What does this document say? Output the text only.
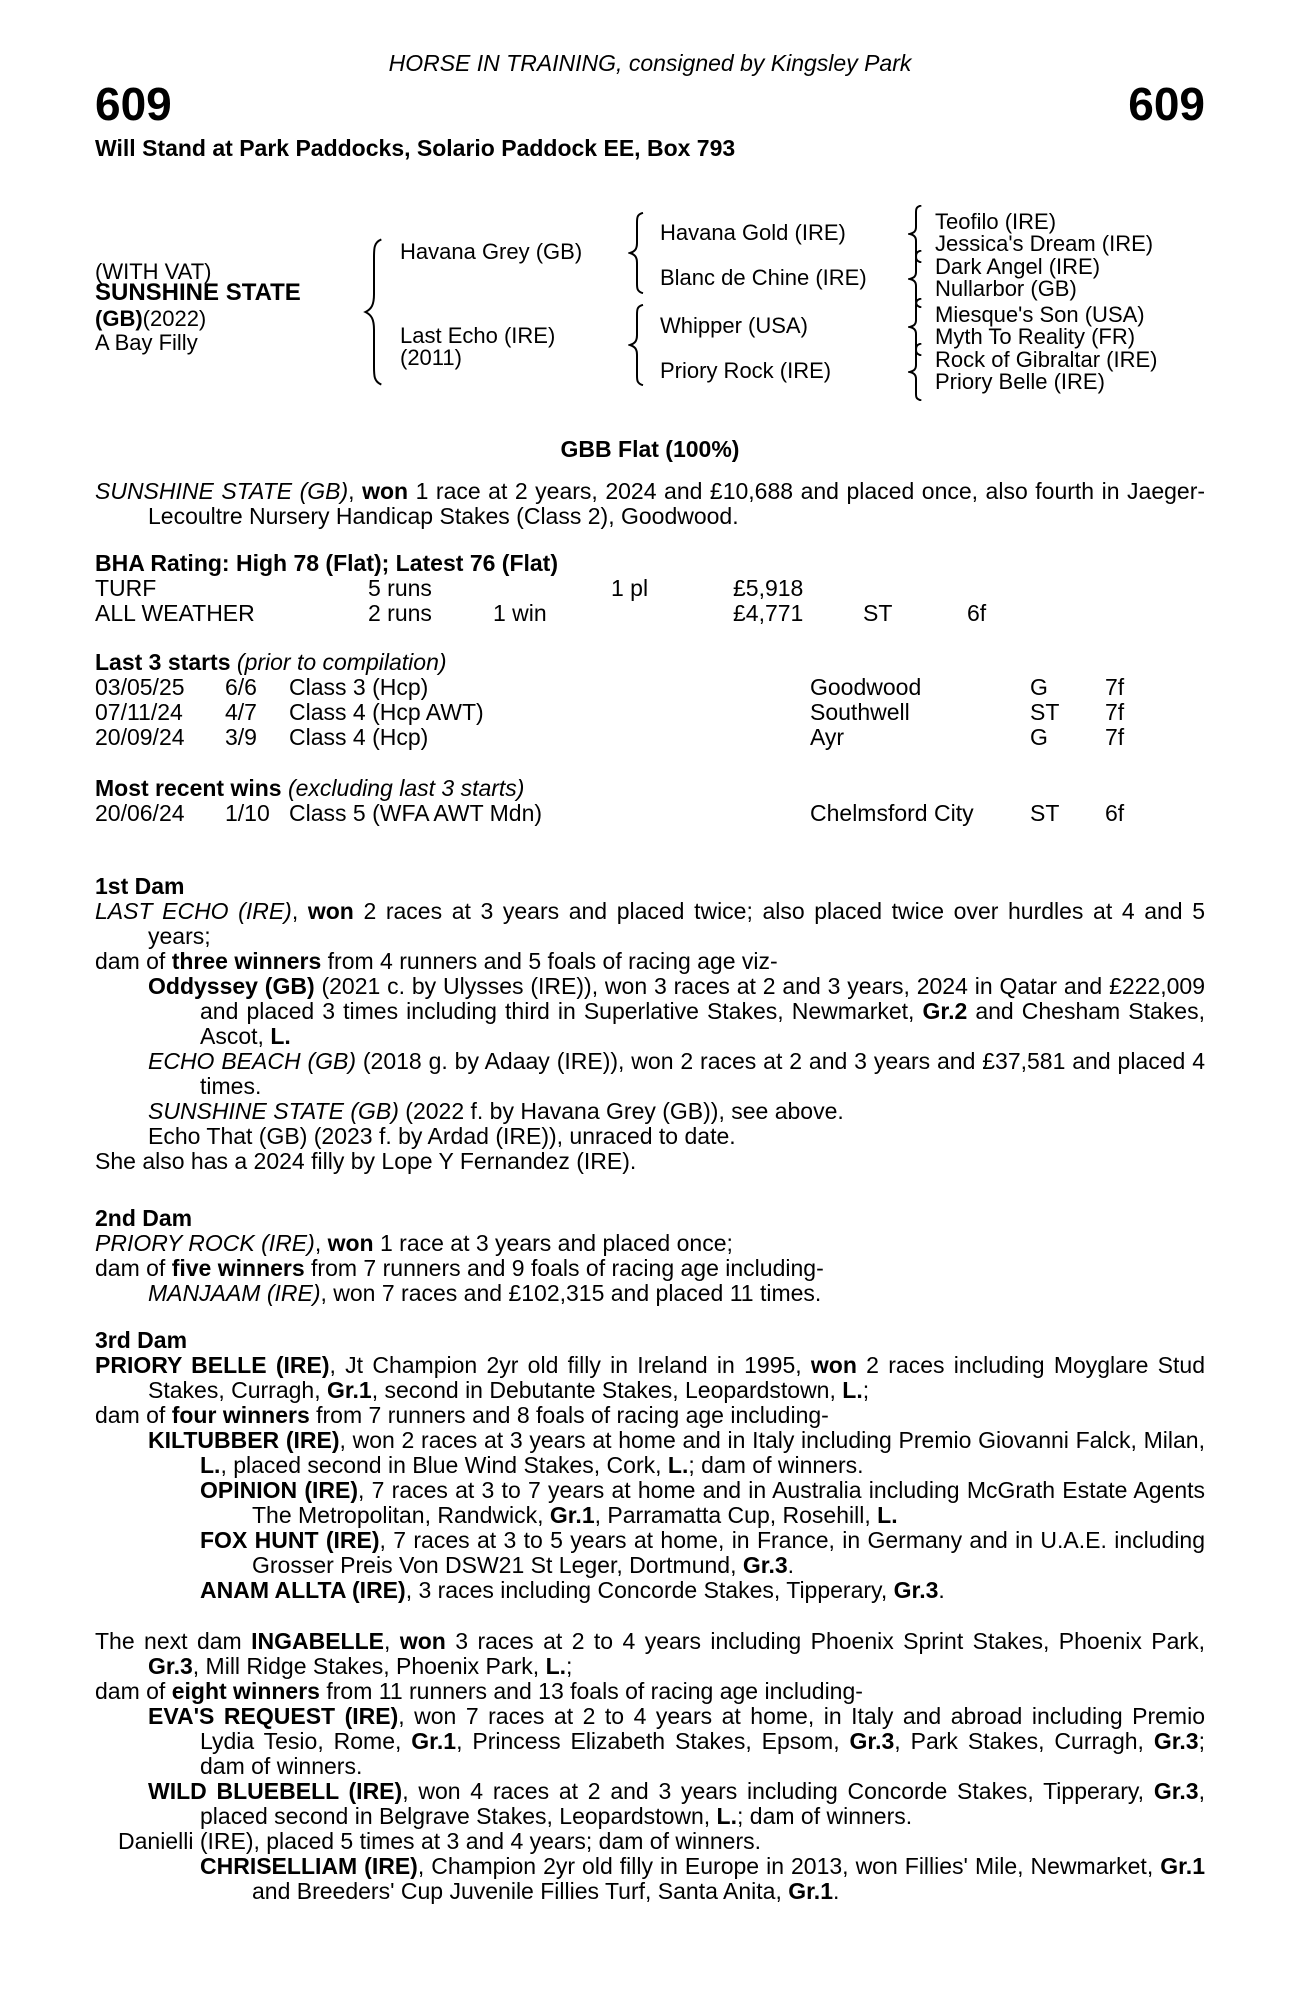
HORSE IN TRAINING, consigned by Kingsley Park
609	609
Will Stand at Park Paddocks, Solario Paddock EE, Box 793
(WITH VAT)
SUNSHINE STATE
(GB) (2022)
A Bay Filly
Havana Grey (GB)
Last Echo (IRE)
(2011)
Havana Gold (IRE)
Blanc de Chine (IRE)
Whipper (USA)
Priory Rock (IRE)
Teofilo (IRE)
Jessica's Dream (IRE)
Dark Angel (IRE)
Nullarbor (GB)
Miesque's Son (USA)
Myth To Reality (FR)
Rock of Gibraltar (IRE)
Priory Belle (IRE)
GBB Flat (100%)
SUNSHINE STATE (GB), won 1 race at 2 years, 2024 and £10,688 and placed once, also fourth in Jaeger-Lecoultre Nursery Handicap Stakes (Class 2), Goodwood.
BHA Rating: High 78 (Flat); Latest 76 (Flat)
TURF	5 runs	1 pl	£5,918
ALL WEATHER	2 runs	1 win	£4,771	ST	6f
Last 3 starts (prior to compilation)
03/05/25 6/6 Class 3 (Hcp)	Goodwood	G 7f
07/11/24 4/7 Class 4 (Hcp AWT)	Southwell	ST 7f
20/09/24 3/9 Class 4 (Hcp)	Ayr	G 7f
Most recent wins (excluding last 3 starts)
20/06/24 1/10 Class 5 (WFA AWT Mdn)	Chelmsford City ST 6f
1st Dam
LAST ECHO (IRE), won 2 races at 3 years and placed twice; also placed twice over hurdles at 4 and 5 years;
dam of three winners from 4 runners and 5 foals of racing age viz-
Oddyssey (GB) (2021 c. by Ulysses (IRE)), won 3 races at 2 and 3 years, 2024 in Qatar and £222,009 and placed 3 times including third in Superlative Stakes, Newmarket, Gr.2 and Chesham Stakes, Ascot, L.
ECHO BEACH (GB) (2018 g. by Adaay (IRE)), won 2 races at 2 and 3 years and £37,581 and placed 4 times.
SUNSHINE STATE (GB) (2022 f. by Havana Grey (GB)), see above.
Echo That (GB) (2023 f. by Ardad (IRE)), unraced to date.
She also has a 2024 filly by Lope Y Fernandez (IRE).
2nd Dam
PRIORY ROCK (IRE), won 1 race at 3 years and placed once;
dam of five winners from 7 runners and 9 foals of racing age including-
MANJAAM (IRE), won 7 races and £102,315 and placed 11 times.
3rd Dam
PRIORY BELLE (IRE), Jt Champion 2yr old filly in Ireland in 1995, won 2 races including Moyglare Stud Stakes, Curragh, Gr.1, second in Debutante Stakes, Leopardstown, L.;
dam of four winners from 7 runners and 8 foals of racing age including-
KILTUBBER (IRE), won 2 races at 3 years at home and in Italy including Premio Giovanni Falck, Milan, L., placed second in Blue Wind Stakes, Cork, L.; dam of winners.
OPINION (IRE), 7 races at 3 to 7 years at home and in Australia including McGrath Estate Agents The Metropolitan, Randwick, Gr.1, Parramatta Cup, Rosehill, L.
FOX HUNT (IRE), 7 races at 3 to 5 years at home, in France, in Germany and in U.A.E. including Grosser Preis Von DSW21 St Leger, Dortmund, Gr.3.
ANAM ALLTA (IRE), 3 races including Concorde Stakes, Tipperary, Gr.3.
The next dam INGABELLE, won 3 races at 2 to 4 years including Phoenix Sprint Stakes, Phoenix Park, Gr.3, Mill Ridge Stakes, Phoenix Park, L.;
dam of eight winners from 11 runners and 13 foals of racing age including-
EVA'S REQUEST (IRE), won 7 races at 2 to 4 years at home, in Italy and abroad including Premio Lydia Tesio, Rome, Gr.1, Princess Elizabeth Stakes, Epsom, Gr.3, Park Stakes, Curragh, Gr.3; dam of winners.
WILD BLUEBELL (IRE), won 4 races at 2 and 3 years including Concorde Stakes, Tipperary, Gr.3, placed second in Belgrave Stakes, Leopardstown, L.; dam of winners.
Danielli (IRE), placed 5 times at 3 and 4 years; dam of winners.
CHRISELLIAM (IRE), Champion 2yr old filly in Europe in 2013, won Fillies' Mile, Newmarket, Gr.1 and Breeders' Cup Juvenile Fillies Turf, Santa Anita, Gr.1.
